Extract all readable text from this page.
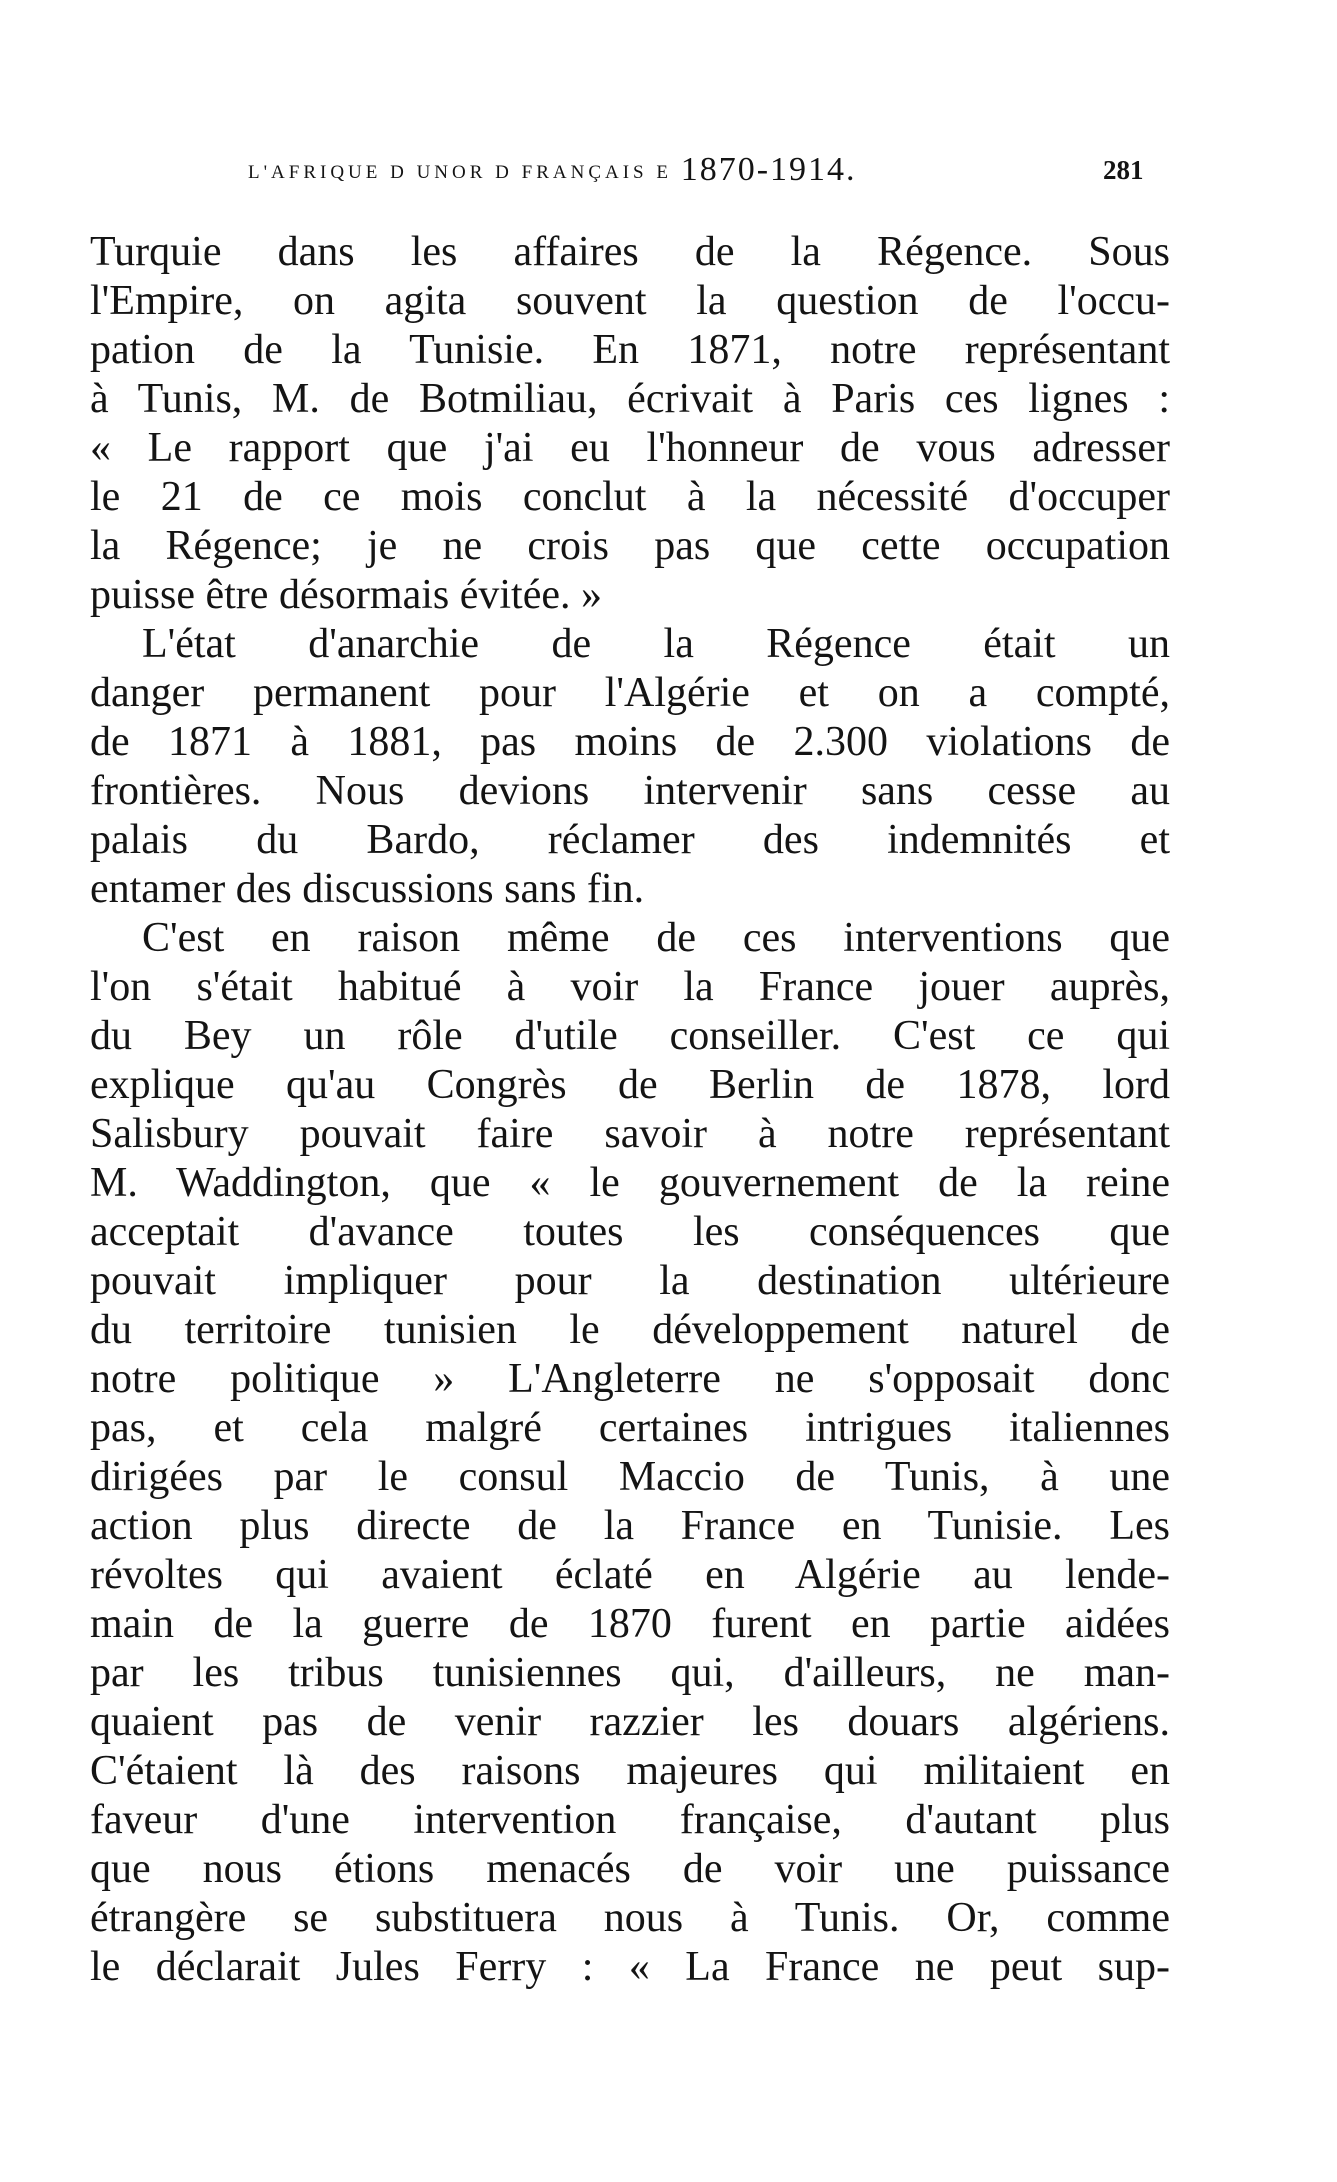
L'AFRIQUE D UNOR D FRANÇAIS E 1870-1914.	281
Turquie dans les affaires de la Régence. Sous
l'Empire, on agita souvent la question de l'occu-
pation de la Tunisie. En 1871, notre représentant
à Tunis, M. de Botmiliau, écrivait à Paris ces lignes :
« Le rapport que j'ai eu l'honneur de vous adresser
le 21 de ce mois conclut à la nécessité d'occuper
la Régence; je ne crois pas que cette occupation
puisse être désormais évitée. »
L'état d'anarchie de la Régence était un
danger permanent pour l'Algérie et on a compté,
de 1871 à 1881, pas moins de 2.300 violations de
frontières. Nous devions intervenir sans cesse au
palais du Bardo, réclamer des indemnités et
entamer des discussions sans fin.
C'est en raison même de ces interventions que
l'on s'était habitué à voir la France jouer auprès,
du Bey un rôle d'utile conseiller. C'est ce qui
explique qu'au Congrès de Berlin de 1878, lord
Salisbury pouvait faire savoir à notre représentant
M. Waddington, que « le gouvernement de la reine
acceptait d'avance toutes les conséquences que
pouvait impliquer pour la destination ultérieure
du territoire tunisien le développement naturel de
notre politique » L'Angleterre ne s'opposait donc
pas, et cela malgré certaines intrigues italiennes
dirigées par le consul Maccio de Tunis, à une
action plus directe de la France en Tunisie. Les
révoltes qui avaient éclaté en Algérie au lende-
main de la guerre de 1870 furent en partie aidées
par les tribus tunisiennes qui, d'ailleurs, ne man-
quaient pas de venir razzier les douars algériens.
C'étaient là des raisons majeures qui militaient en
faveur d'une intervention française, d'autant plus
que nous étions menacés de voir une puissance
étrangère se substituera nous à Tunis. Or, comme
le déclarait Jules Ferry : « La France ne peut sup-
